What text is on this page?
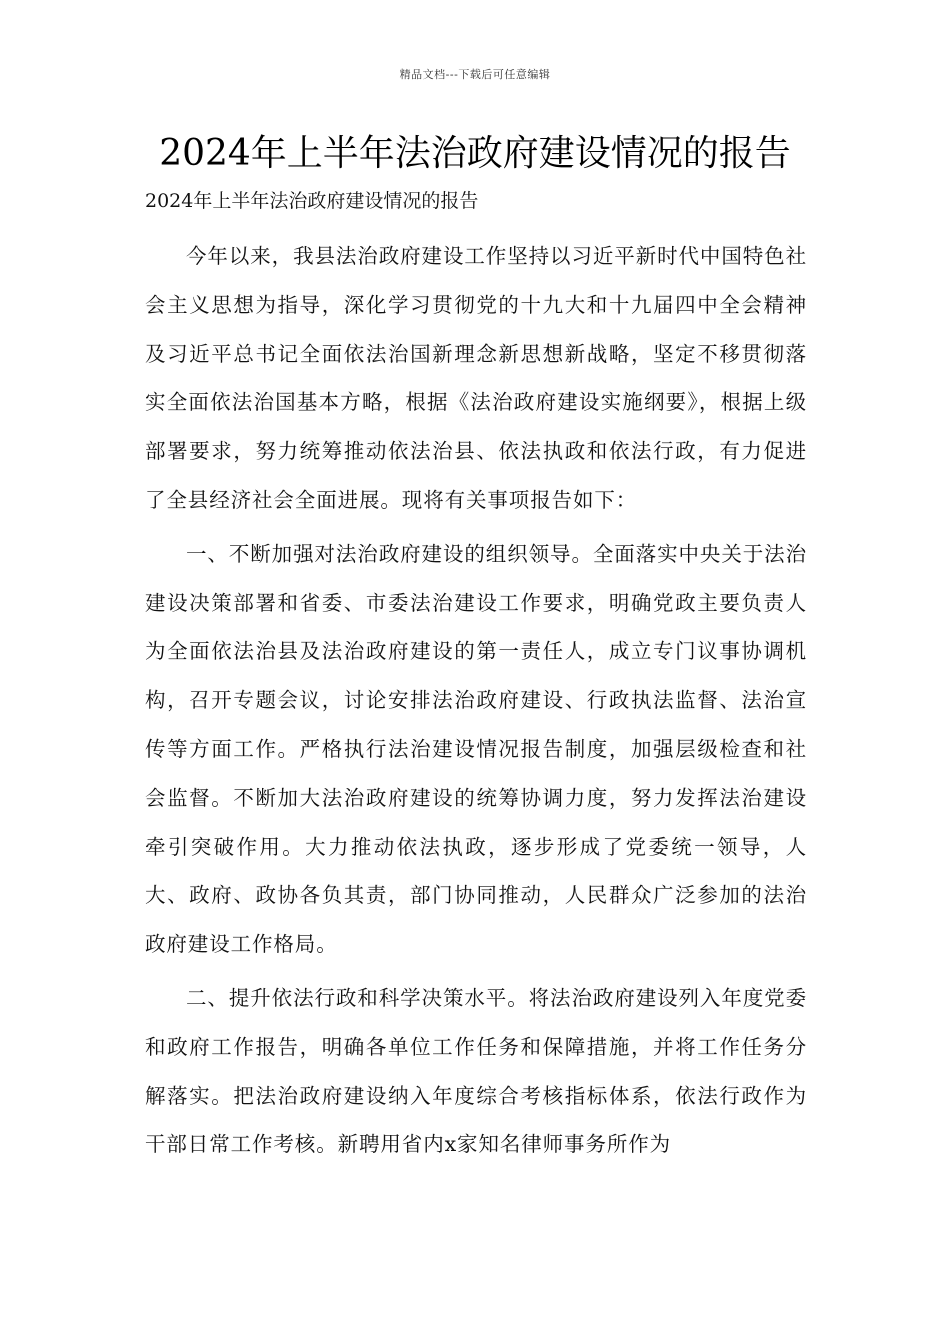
精品文档---下载后可任意编辑
2024年上半年法治政府建设情况的报告

2024年上半年法治政府建设情况的报告

今年以来，我县法治政府建设工作坚持以习近平新时代中国特色社会主义思想为指导，深化学习贯彻党的十九大和十九届四中全会精神及习近平总书记全面依法治国新理念新思想新战略，坚定不移贯彻落实全面依法治国基本方略，根据《法治政府建设实施纲要》，根据上级部署要求，努力统筹推动依法治县、依法执政和依法行政，有力促进了全县经济社会全面进展。现将有关事项报告如下：

一、不断加强对法治政府建设的组织领导。全面落实中央关于法治建设决策部署和省委、市委法治建设工作要求，明确党政主要负责人为全面依法治县及法治政府建设的第一责任人，成立专门议事协调机构，召开专题会议，讨论安排法治政府建设、行政执法监督、法治宣传等方面工作。严格执行法治建设情况报告制度，加强层级检查和社会监督。不断加大法治政府建设的统筹协调力度，努力发挥法治建设牵引突破作用。大力推动依法执政，逐步形成了党委统一领导，人大、政府、政协各负其责，部门协同推动，人民群众广泛参加的法治政府建设工作格局。

二、提升依法行政和科学决策水平。将法治政府建设列入年度党委和政府工作报告，明确各单位工作任务和保障措施，并将工作任务分解落实。把法治政府建设纳入年度综合考核指标体系，依法行政作为干部日常工作考核。新聘用省内x家知名律师事务所作为
